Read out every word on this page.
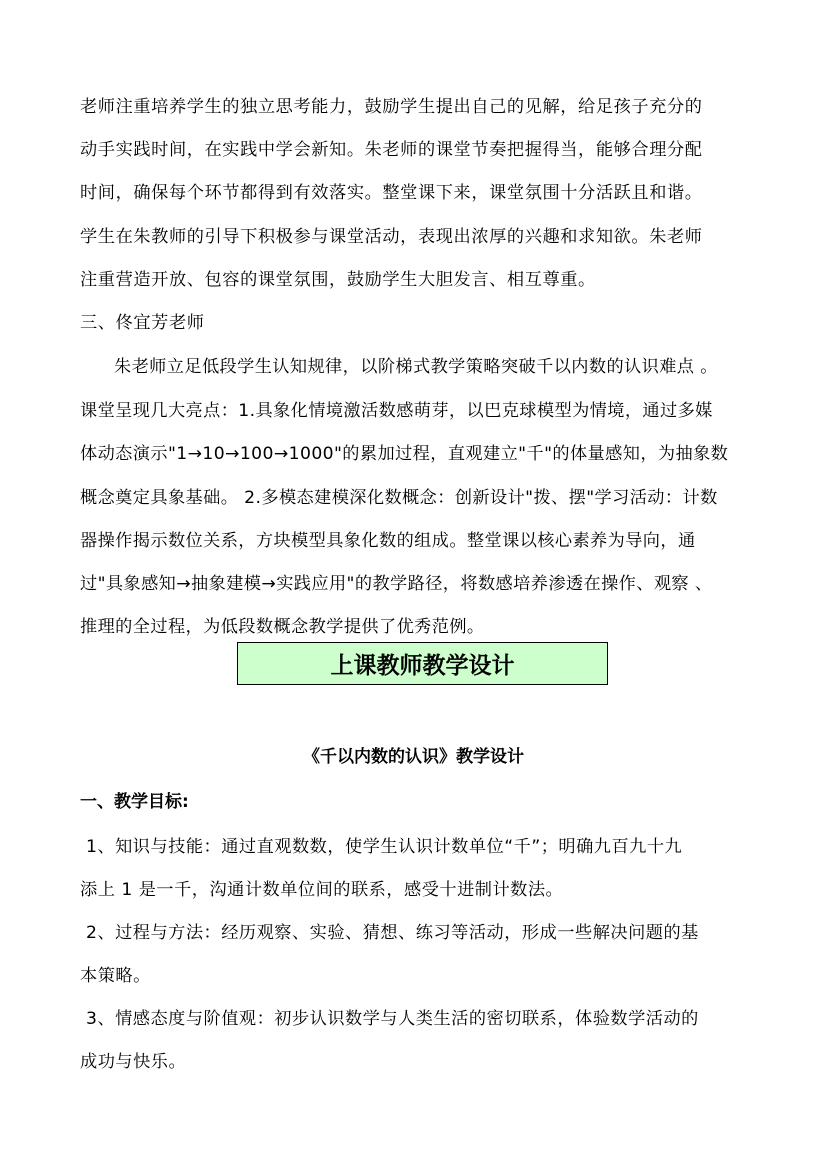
老师注重培养学生的独立思考能力，鼓励学生提出自己的见解，给足孩子充分的
动手实践时间，在实践中学会新知。朱老师的课堂节奏把握得当，能够合理分配
时间，确保每个环节都得到有效落实。整堂课下来，课堂氛围十分活跃且和谐。
学生在朱教师的引导下积极参与课堂活动，表现出浓厚的兴趣和求知欲。朱老师
注重营造开放、包容的课堂氛围，鼓励学生大胆发言、相互尊重。
三、佟宜芳老师
朱老师立足低段学生认知规律，以阶梯式教学策略突破千以内数的认识难点 。
课堂呈现几大亮点：1.具象化情境激活数感萌芽，以巴克球模型为情境，通过多媒
体动态演示"1→10→100→1000"的累加过程，直观建立"千"的体量感知，为抽象数
概念奠定具象基础。 2.多模态建模深化数概念：创新设计"拨、摆"学习活动：计数
器操作揭示数位关系，方块模型具象化数的组成。整堂课以核心素养为导向，通
过"具象感知→抽象建模→实践应用"的教学路径，将数感培养渗透在操作、观察 、
推理的全过程，为低段数概念教学提供了优秀范例。
上课教师教学设计
《千以内数的认识》教学设计
一、教学目标:
1、知识与技能：通过直观数数，使学生认识计数单位“千”；明确九百九十九
添上 1 是一千，沟通计数单位间的联系，感受十进制计数法。
2、过程与方法：经历观察、实验、猜想、练习等活动，形成一些解决问题的基
本策略。
3、情感态度与阶值观：初步认识数学与人类生活的密切联系，体验数学活动的
成功与快乐。
